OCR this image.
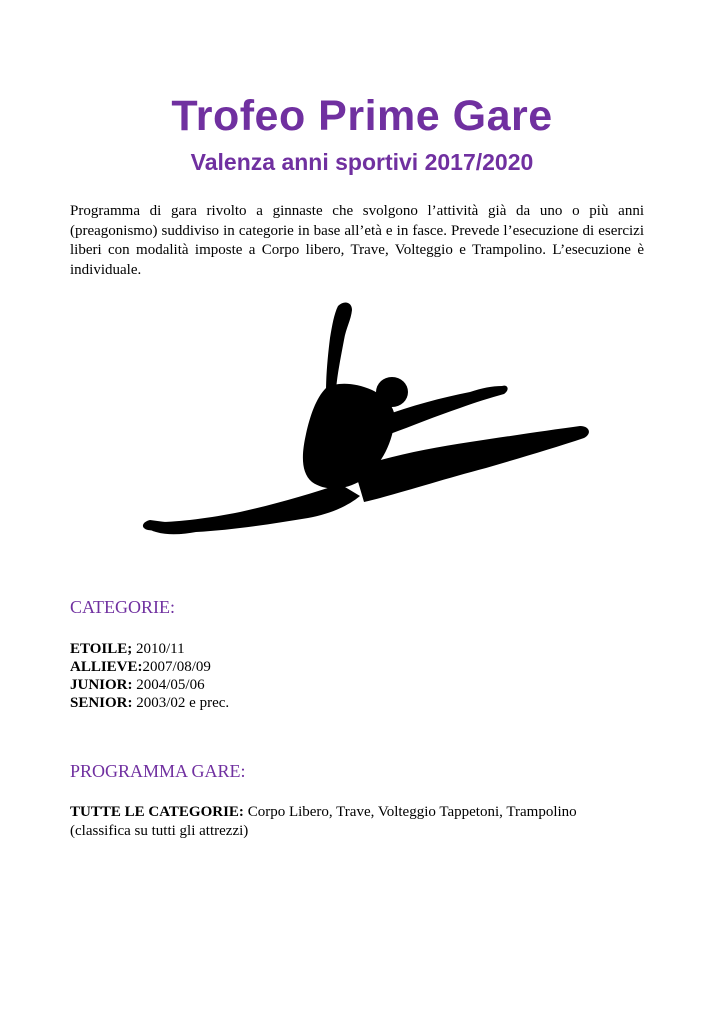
Trofeo Prime Gare
Valenza anni sportivi 2017/2020
Programma di gara rivolto a ginnaste che svolgono l’attività già da uno o più anni (preagonismo) suddiviso in categorie in base all’età e in fasce. Prevede l’esecuzione di esercizi liberi con modalità imposte a Corpo libero, Trave, Volteggio e Trampolino. L’esecuzione è individuale.
CATEGORIE:
ETOILE; 2010/11
ALLIEVE:2007/08/09
JUNIOR: 2004/05/06
SENIOR: 2003/02 e prec.
PROGRAMMA GARE:
TUTTE LE CATEGORIE: Corpo Libero, Trave, Volteggio Tappetoni, Trampolino
(classifica su tutti gli attrezzi)
